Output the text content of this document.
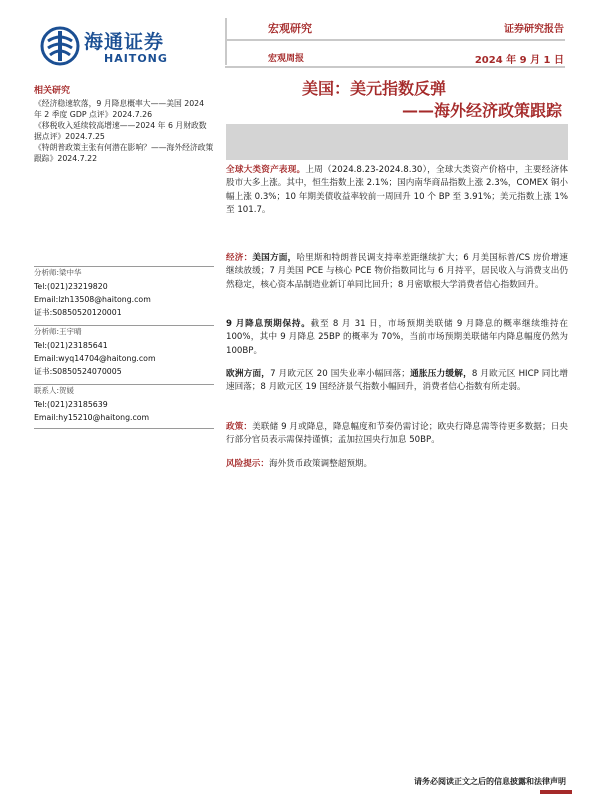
海通证券
HAITONG
宏观研究
宏观周报
证券研究报告
2024 年 9 月 1 日
美国：美元指数反弹
——海外经济政策跟踪
相关研究
《经济稳速软落，9 月降息概率大——美国 2024 年 2 季度 GDP 点评》2024.7.26
《移税收入延续较高增速——2024 年 6 月财政数据点评》2024.7.25
《特朗普政策主张有何潜在影响？——海外经济政策跟踪》2024.7.22
分析师:梁中华
Tel:(021)23219820
Email:lzh13508@haitong.com
证书:S0850520120001
分析师:王宇晴
Tel:(021)23185641
Email:wyq14704@haitong.com
证书:S0850524070005
联系人:贺媛
Tel:(021)23185639
Email:hy15210@haitong.com
全球大类资产表现。上周（2024.8.23-2024.8.30），全球大类资产价格中，主要经济体股市大多上涨。其中，恒生指数上涨 2.1%；国内南华商品指数上涨 2.3%，COMEX 铜小幅上涨 0.3%；10 年期美债收益率较前一周回升 10 个 BP 至 3.91%；美元指数上涨 1%至 101.7。
经济：美国方面，哈里斯和特朗普民调支持率差距继续扩大；6 月美国标普/CS 房价增速继续放缓；7 月美国 PCE 与核心 PCE 物价指数同比与 6 月持平，居民收入与消费支出仍然稳定，核心资本品制造业新订单同比回升；8 月密歇根大学消费者信心指数回升。
9 月降息预期保持。截至 8 月 31 日，市场预期美联储 9 月降息的概率继续维持在 100%，其中 9 月降息 25BP 的概率为 70%，当前市场预期美联储年内降息幅度仍然为 100BP。
欧洲方面，7 月欧元区 20 国失业率小幅回落；通胀压力缓解，8 月欧元区 HICP 同比增速回落；8 月欧元区 19 国经济景气指数小幅回升，消费者信心指数有所走弱。
政策：美联储 9 月或降息，降息幅度和节奏仍需讨论；欧央行降息需等待更多数据；日央行部分官员表示需保持谨慎；孟加拉国央行加息 50BP。
风险提示：海外货币政策调整超预期。
请务必阅读正文之后的信息披露和法律声明
